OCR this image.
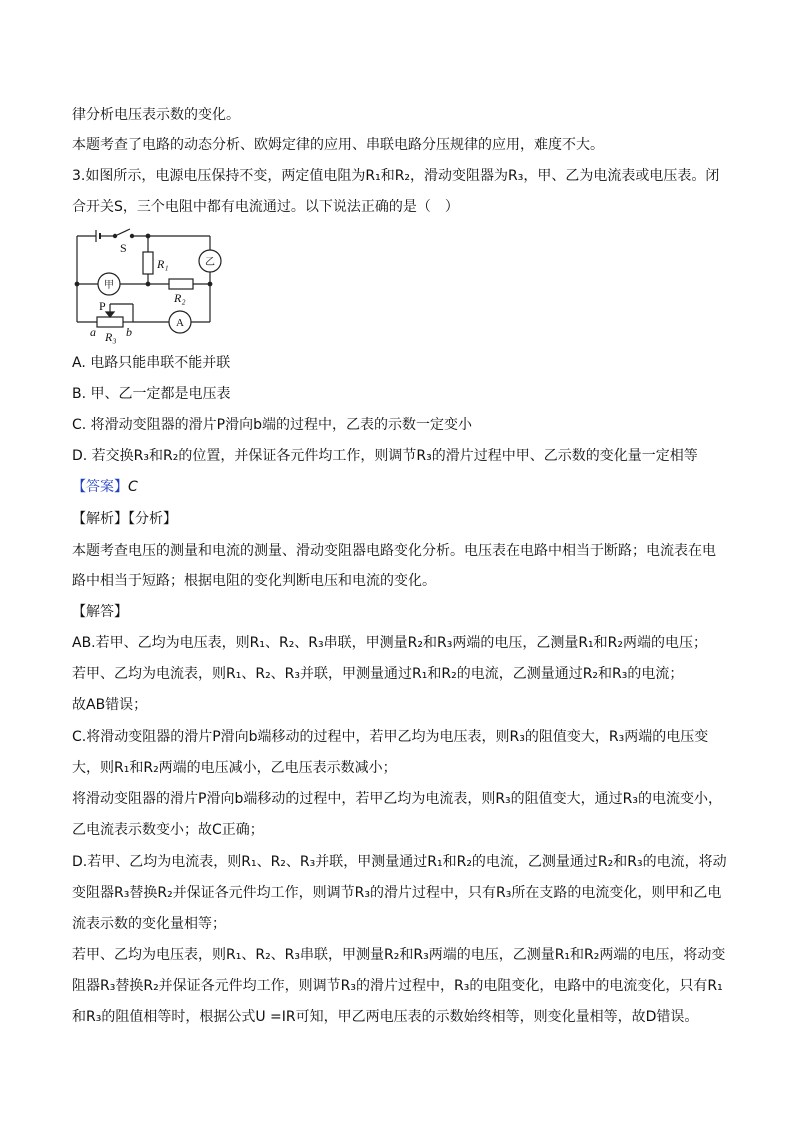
律分析电压表示数的变化。
本题考查了电路的动态分析、欧姆定律的应用、串联电路分压规律的应用，难度不大。
3.如图所示，电源电压保持不变，两定值电阻为R₁和R₂，滑动变阻器为R₃，甲、乙为电流表或电压表。闭
合开关S，三个电阻中都有电流通过。以下说法正确的是（　）
S
R₁
R₂
R₃
P
a	b
甲
乙
A
A. 电路只能串联不能并联
B. 甲、乙一定都是电压表
C. 将滑动变阻器的滑片P滑向b端的过程中，乙表的示数一定变小
D. 若交换R₃和R₂的位置，并保证各元件均工作，则调节R₃的滑片过程中甲、乙示数的变化量一定相等
【答案】C
【解析】【分析】
本题考查电压的测量和电流的测量、滑动变阻器电路变化分析。电压表在电路中相当于断路；电流表在电
路中相当于短路；根据电阻的变化判断电压和电流的变化。
【解答】
AB.若甲、乙均为电压表，则R₁、R₂、R₃串联，甲测量R₂和R₃两端的电压，乙测量R₁和R₂两端的电压；
若甲、乙均为电流表，则R₁、R₂、R₃并联，甲测量通过R₁和R₂的电流，乙测量通过R₂和R₃的电流；
故AB错误；
C.将滑动变阻器的滑片P滑向b端移动的过程中，若甲乙均为电压表，则R₃的阻值变大，R₃两端的电压变
大，则R₁和R₂两端的电压减小，乙电压表示数减小；
将滑动变阻器的滑片P滑向b端移动的过程中，若甲乙均为电流表，则R₃的阻值变大，通过R₃的电流变小，
乙电流表示数变小；故C正确；
D.若甲、乙均为电流表，则R₁、R₂、R₃并联，甲测量通过R₁和R₂的电流，乙测量通过R₂和R₃的电流，将动
变阻器R₃替换R₂并保证各元件均工作，则调节R₃的滑片过程中，只有R₃所在支路的电流变化，则甲和乙电
流表示数的变化量相等；
若甲、乙均为电压表，则R₁、R₂、R₃串联，甲测量R₂和R₃两端的电压，乙测量R₁和R₂两端的电压，将动变
阻器R₃替换R₂并保证各元件均工作，则调节R₃的滑片过程中，R₃的电阻变化，电路中的电流变化，只有R₁
和R₃的阻值相等时，根据公式U =IR可知，甲乙两电压表的示数始终相等，则变化量相等，故D错误。
